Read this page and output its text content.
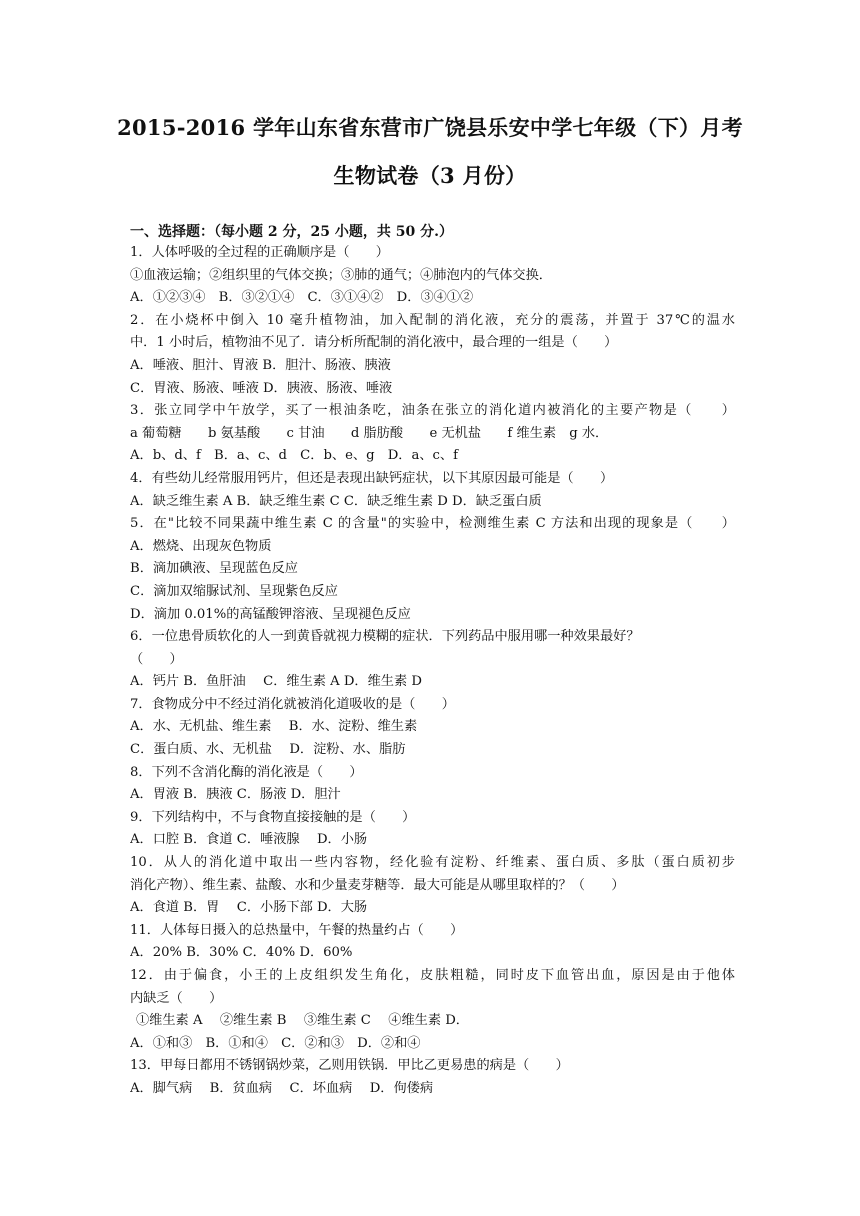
2015-2016 学年山东省东营市广饶县乐安中学七年级（下）月考
生物试卷（3 月份）
一、选择题：（每小题 2 分，25 小题，共 50 分.）
1．人体呼吸的全过程的正确顺序是（　　）
①血液运输；②组织里的气体交换；③肺的通气；④肺泡内的气体交换．
A．①②③④　B．③②①④　C．③①④②　D．③④①②
2．在小烧杯中倒入 10 毫升植物油，加入配制的消化液，充分的震荡，并置于 37℃的温水
中．1 小时后，植物油不见了．请分析所配制的消化液中，最合理的一组是（　　）
A．唾液、胆汁、胃液 B．胆汁、肠液、胰液
C．胃液、肠液、唾液 D．胰液、肠液、唾液
3．张立同学中午放学，买了一根油条吃，油条在张立的消化道内被消化的主要产物是（　　）
a 葡萄糖　　b 氨基酸　　c 甘油　　d 脂肪酸　　e 无机盐　　f 维生素　g 水．
A．b、d、f　B．a、c、d　C．b、e、g　D．a、c、f
4．有些幼儿经常服用钙片，但还是表现出缺钙症状，以下其原因最可能是（　　）
A．缺乏维生素 A B．缺乏维生素 C C．缺乏维生素 D D．缺乏蛋白质
5．在"比较不同果蔬中维生素 C 的含量"的实验中，检测维生素 C 方法和出现的现象是（　　）
A．燃烧、出现灰色物质
B．滴加碘液、呈现蓝色反应
C．滴加双缩脲试剂、呈现紫色反应
D．滴加 0.01%的高锰酸钾溶液、呈现褪色反应
6．一位患骨质软化的人一到黄昏就视力模糊的症状．下列药品中服用哪一种效果最好？
（　　）
A．钙片 B．鱼肝油　 C．维生素 A D．维生素 D
7．食物成分中不经过消化就被消化道吸收的是（　　）
A．水、无机盐、维生素　 B．水、淀粉、维生素
C．蛋白质、水、无机盐　 D．淀粉、水、脂肪
8．下列不含消化酶的消化液是（　　）
A．胃液 B．胰液 C．肠液 D．胆汁
9．下列结构中，不与食物直接接触的是（　　）
A．口腔 B．食道 C．唾液腺　 D．小肠
10．从人的消化道中取出一些内容物，经化验有淀粉、纤维素、蛋白质、多肽（蛋白质初步
消化产物）、维生素、盐酸、水和少量麦芽糖等．最大可能是从哪里取样的？（　　）
A．食道 B．胃　 C．小肠下部 D．大肠
11．人体每日摄入的总热量中，午餐的热量约占（　　）
A．20% B．30% C．40% D．60%
12．由于偏食，小王的上皮组织发生角化，皮肤粗糙，同时皮下血管出血，原因是由于他体
内缺乏（　　）
①维生素 A　 ②维生素 B　 ③维生素 C　 ④维生素 D．
A．①和③　B．①和④　C．②和③　D．②和④
13．甲每日都用不锈钢锅炒菜，乙则用铁锅．甲比乙更易患的病是（　　）
A．脚气病　 B．贫血病　 C．坏血病　 D．佝偻病
